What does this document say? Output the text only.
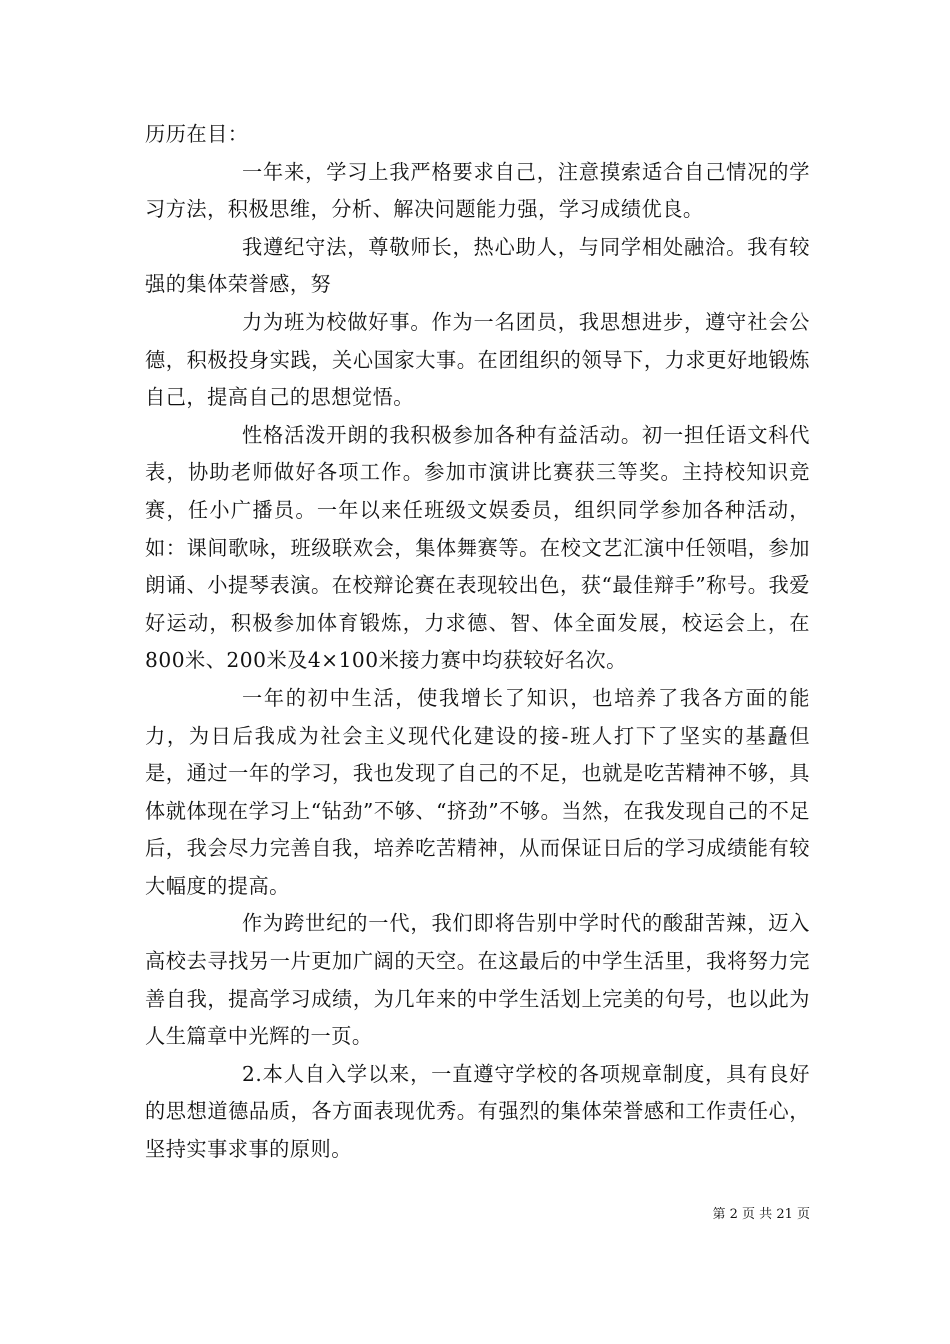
历历在目：

一年来，学习上我严格要求自己，注意摸索适合自己情况的学习方法，积极思维，分析、解决问题能力强，学习成绩优良。

我遵纪守法，尊敬师长，热心助人，与同学相处融洽。我有较强的集体荣誉感，努

力为班为校做好事。作为一名团员，我思想进步，遵守社会公德，积极投身实践，关心国家大事。在团组织的领导下，力求更好地锻炼自己，提高自己的思想觉悟。

性格活泼开朗的我积极参加各种有益活动。初一担任语文科代表，协助老师做好各项工作。参加市演讲比赛获三等奖。主持校知识竞赛，任小广播员。一年以来任班级文娱委员，组织同学参加各种活动，如：课间歌咏，班级联欢会，集体舞赛等。在校文艺汇演中任领唱，参加朗诵、小提琴表演。在校辩论赛在表现较出色，获“最佳辩手”称号。我爱好运动，积极参加体育锻炼，力求德、智、体全面发展，校运会上，在800米、200米及4×100米接力赛中均获较好名次。

一年的初中生活，使我增长了知识，也培养了我各方面的能力，为日后我成为社会主义现代化建设的接-班人打下了坚实的基矗但是，通过一年的学习，我也发现了自己的不足，也就是吃苦精神不够，具体就体现在学习上“钻劲”不够、“挤劲”不够。当然，在我发现自己的不足后，我会尽力完善自我，培养吃苦精神，从而保证日后的学习成绩能有较大幅度的提高。

作为跨世纪的一代，我们即将告别中学时代的酸甜苦辣，迈入高校去寻找另一片更加广阔的天空。在这最后的中学生活里，我将努力完善自我，提高学习成绩，为几年来的中学生活划上完美的句号，也以此为人生篇章中光辉的一页。

2.本人自入学以来，一直遵守学校的各项规章制度，具有良好的思想道德品质，各方面表现优秀。有强烈的集体荣誉感和工作责任心，坚持实事求事的原则。

第 2 页 共 21 页
